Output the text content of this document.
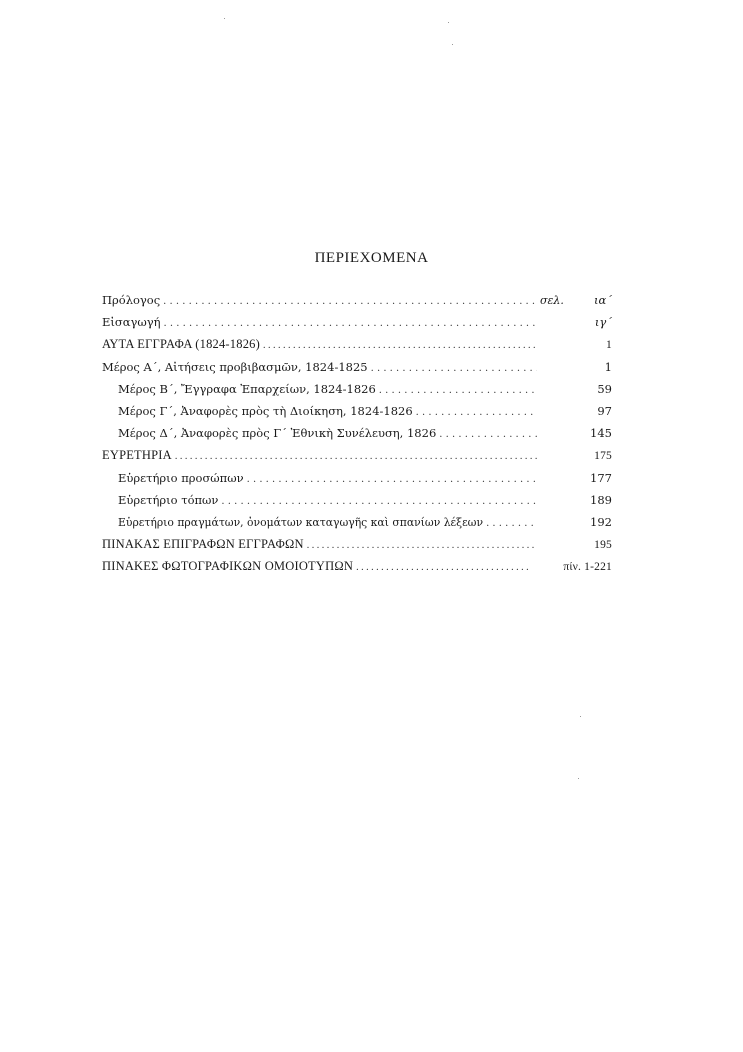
ΠΕΡΙΕΧΟΜΕΝΑ
Πρόλογος . . .	σελ.	ια΄
Εἰσαγωγή . . .	ιγ΄
ΑΥΤΑ ΕΓΓΡΑΦΑ (1824-1826) . . .	1
Μέρος Α΄, Αἰτήσεις προβιβασμῶν, 1824-1825 . . .	1
Μέρος Β΄, Ἔγγραφα Ἐπαρχείων, 1824-1826 . . .	59
Μέρος Γ΄, Ἀναφορὲς πρὸς τὴ Διοίκηση, 1824-1826 . . .	97
Μέρος Δ΄, Ἀναφορὲς πρὸς Γ΄ Ἐθνικὴ Συνέλευση, 1826 . . .	145
ΕΥΡΕΤΗΡΙΑ . . .	175
Εὑρετήριο προσώπων . . .	177
Εὑρετήριο τόπων . . .	189
Εὑρετήριο πραγμάτων, ὀνομάτων καταγωγῆς καὶ σπανίων λέξεων . . .	192
ΠΙΝΑΚΑΣ ΕΠΙΓΡΑΦΩΝ ΕΓΓΡΑΦΩΝ . . .	195
ΠΙΝΑΚΕΣ ΦΩΤΟΓΡΑΦΙΚΩΝ ΟΜΟΙΟΤΥΠΩΝ . . .	πίν. 1-221
